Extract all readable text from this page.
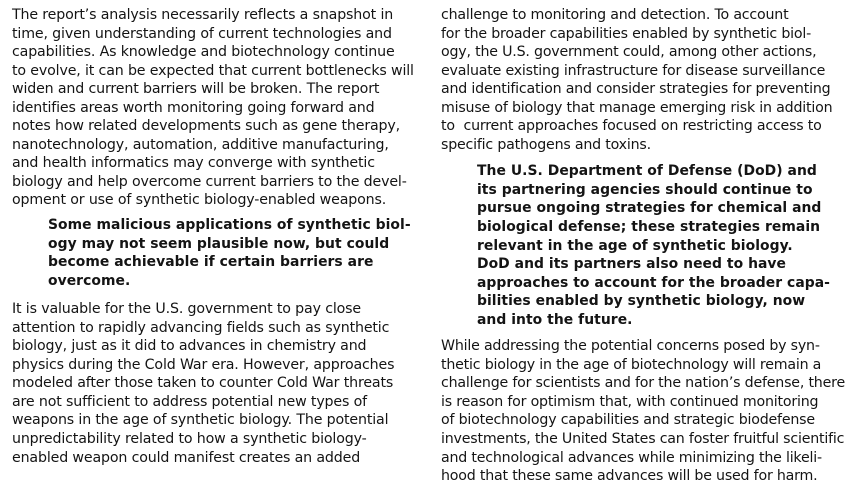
The report’s analysis necessarily reflects a snapshot in
time, given understanding of current technologies and
capabilities. As knowledge and biotechnology continue
to evolve, it can be expected that current bottlenecks will
widen and current barriers will be broken. The report
identifies areas worth monitoring going forward and
notes how related developments such as gene therapy,
nanotechnology, automation, additive manufacturing,
and health informatics may converge with synthetic
biology and help overcome current barriers to the devel-
opment or use of synthetic biology-enabled weapons.
Some malicious applications of synthetic biol-
ogy may not seem plausible now, but could
become achievable if certain barriers are
overcome.
It is valuable for the U.S. government to pay close
attention to rapidly advancing fields such as synthetic
biology, just as it did to advances in chemistry and
physics during the Cold War era. However, approaches
modeled after those taken to counter Cold War threats
are not sufficient to address potential new types of
weapons in the age of synthetic biology. The potential
unpredictability related to how a synthetic biology-
enabled weapon could manifest creates an added
challenge to monitoring and detection. To account
for the broader capabilities enabled by synthetic biol-
ogy, the U.S. government could, among other actions,
evaluate existing infrastructure for disease surveillance
and identification and consider strategies for preventing
misuse of biology that manage emerging risk in addition
to  current approaches focused on restricting access to
specific pathogens and toxins.
The U.S. Department of Defense (DoD) and
its partnering agencies should continue to
pursue ongoing strategies for chemical and
biological defense; these strategies remain
relevant in the age of synthetic biology.
DoD and its partners also need to have
approaches to account for the broader capa-
bilities enabled by synthetic biology, now
and into the future.
While addressing the potential concerns posed by syn-
thetic biology in the age of biotechnology will remain a
challenge for scientists and for the nation’s defense, there
is reason for optimism that, with continued monitoring
of biotechnology capabilities and strategic biodefense
investments, the United States can foster fruitful scientific
and technological advances while minimizing the likeli-
hood that these same advances will be used for harm.
